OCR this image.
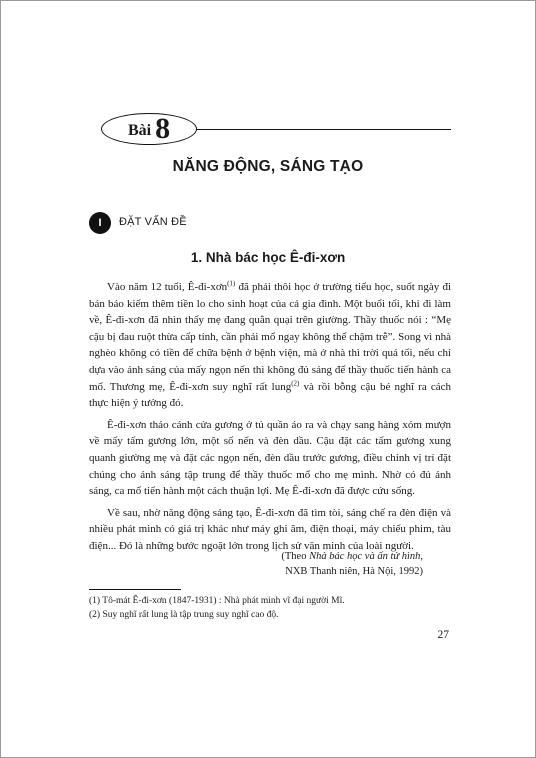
Bài 8
NĂNG ĐỘNG, SÁNG TẠO
I	ĐẶT VẤN ĐỀ
1. Nhà bác học Ê-đi-xơn

Vào năm 12 tuổi, Ê-đi-xơn$^{(1)}$ đã phải thôi học ở trường tiểu học, suốt ngày đi bán báo kiếm thêm tiền lo cho sinh hoạt của cả gia đình. Một buổi tối, khi đi làm về, Ê-đi-xơn đã nhìn thấy mẹ đang quằn quại trên giường. Thầy thuốc nói : “Mẹ cậu bị đau ruột thừa cấp tính, cần phải mổ ngay không thể chậm trễ”. Song vì nhà nghèo không có tiền để chữa bệnh ở bệnh viện, mà ở nhà thì trời quá tối, nếu chỉ dựa vào ánh sáng của mấy ngọn nến thì không đủ sáng để thầy thuốc tiến hành ca mổ. Thương mẹ, Ê-đi-xơn suy nghĩ rất lung$^{(2)}$ và rồi bỗng cậu bé nghĩ ra cách thực hiện ý tưởng đó.

Ê-đi-xơn tháo cánh cửa gương ở tủ quần áo ra và chạy sang hàng xóm mượn về mấy tấm gương lớn, một số nến và đèn dầu. Cậu đặt các tấm gương xung quanh giường mẹ và đặt các ngọn nến, đèn dầu trước gương, điều chỉnh vị trí đặt chúng cho ánh sáng tập trung để thầy thuốc mổ cho mẹ mình. Nhờ có đủ ánh sáng, ca mổ tiến hành một cách thuận lợi. Mẹ Ê-đi-xơn đã được cứu sống.

Về sau, nhờ năng động sáng tạo, Ê-đi-xơn đã tìm tòi, sáng chế ra đèn điện và nhiều phát minh có giá trị khác như máy ghi âm, điện thoại, máy chiếu phim, tàu điện... Đó là những bước ngoặt lớn trong lịch sử văn minh của loài người.

(Theo Nhà bác học và ấn tử hình,
NXB Thanh niên, Hà Nội, 1992)
(1) Tô-mát Ê-đi-xơn (1847-1931) : Nhà phát minh vĩ đại người Mĩ.
(2) Suy nghĩ rất lung là tập trung suy nghĩ cao độ.
27
